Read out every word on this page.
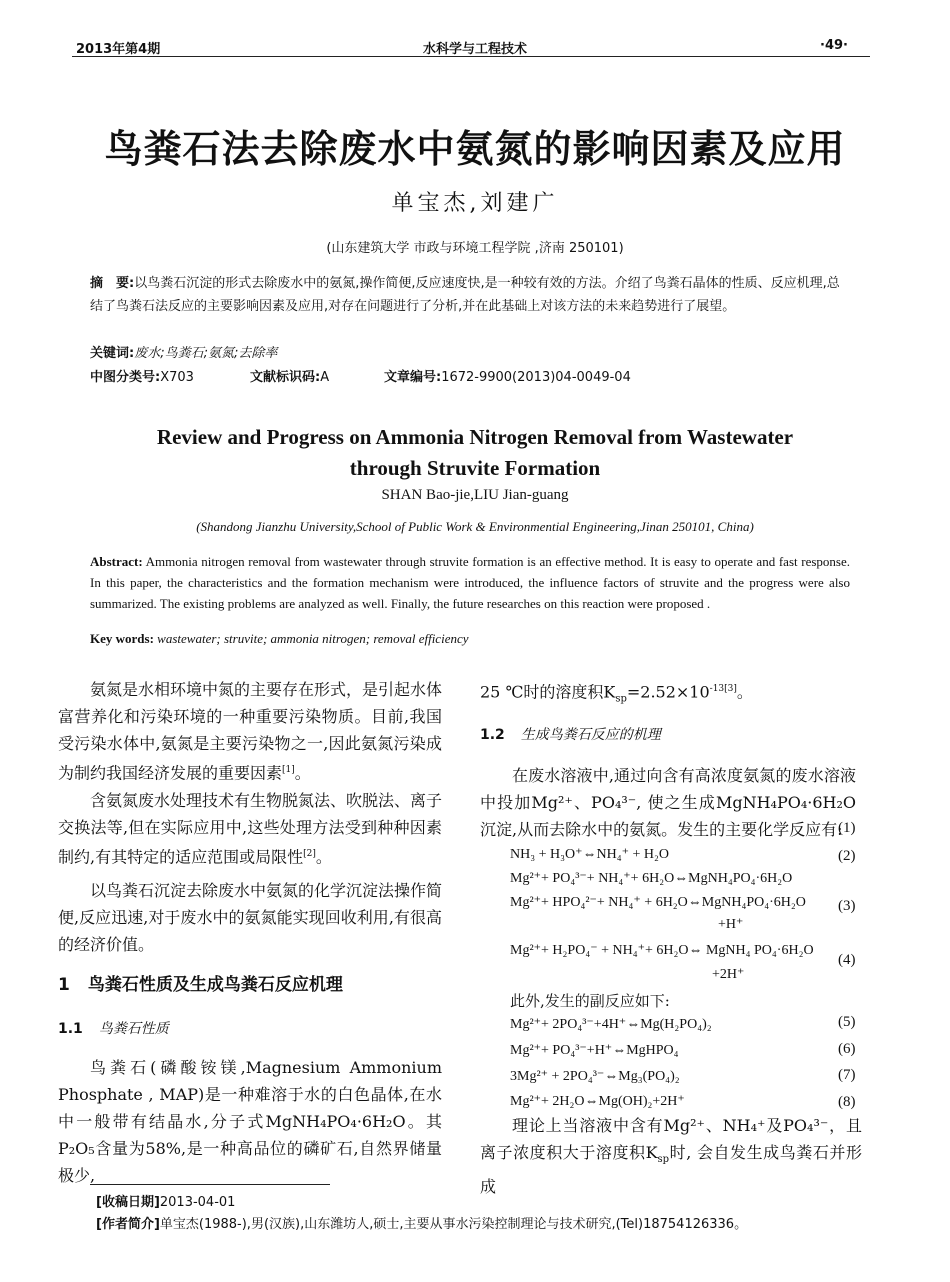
2013年第4期	水科学与工程技术	·49·
鸟粪石法去除废水中氨氮的影响因素及应用
单宝杰,刘建广
(山东建筑大学 市政与环境工程学院 ,济南 250101)
摘　要:以鸟粪石沉淀的形式去除废水中的氨氮,操作简便,反应速度快,是一种较有效的方法。介绍了鸟粪石晶体的性质、反应机理,总结了鸟粪石法反应的主要影响因素及应用,对存在问题进行了分析,并在此基础上对该方法的未来趋势进行了展望。
关键词:废水;鸟粪石;氨氮;去除率
中图分类号:X703	文献标识码:A	文章编号:1672-9900(2013)04-0049-04
Review and Progress on Ammonia Nitrogen Removal from Wastewater through Struvite Formation
SHAN Bao-jie,LIU Jian-guang
(Shandong Jianzhu University,School of Public Work & Environmential Engineering,Jinan 250101, China)
Abstract: Ammonia nitrogen removal from wastewater through struvite formation is an effective method. It is easy to operate and fast response. In this paper, the characteristics and the formation mechanism were introduced, the influence factors of struvite and the progress were also summarized. The existing problems are analyzed as well. Finally, the future researches on this reaction were proposed .
Key words: wastewater; struvite; ammonia nitrogen; removal efficiency

氨氮是水相环境中氮的主要存在形式，是引起水体富营养化和污染环境的一种重要污染物质。目前,我国受污染水体中,氨氮是主要污染物之一,因此氨氮污染成为制约我国经济发展的重要因素[1]。

含氨氮废水处理技术有生物脱氮法、吹脱法、离子交换法等,但在实际应用中,这些处理方法受到种种因素制约,有其特定的适应范围或局限性[2]。

以鸟粪石沉淀去除废水中氨氮的化学沉淀法操作简便,反应迅速,对于废水中的氨氮能实现回收利用,有很高的经济价值。

1 鸟粪石性质及生成鸟粪石反应机理
1.1 鸟粪石性质

鸟粪石(磷酸铵镁,Magnesium Ammonium Phosphate , MAP)是一种难溶于水的白色晶体,在水中一般带有结晶水,分子式MgNH₄PO₄·6H₂O。其P₂O₅含量为58%,是一种高品位的磷矿石,自然界储量极少,

25 ℃时的溶度积$K_{sp}=2.52\times 10^{-13[3]}$。
1.2 生成鸟粪石反应的机理

在废水溶液中,通过向含有高浓度氨氮的废水溶液中投加Mg²⁺、PO₄³⁻, 使之生成MgNH₄PO₄·6H₂O沉淀,从而去除水中的氨氮。发生的主要化学反应有:

(1)
NH₃ + H₃O⁺⇔NH₄⁺ + H₂O	(2)
Mg²⁺+ PO₄³⁻+ NH₄⁺+ 6H₂O⇔MgNH₄PO₄·6H₂O
Mg²⁺+ HPO₄²⁻+ NH₄⁺ + 6H₂O⇔MgNH₄PO₄·6H₂O (3)
+H⁺
Mg²⁺+ H₂PO₄⁻ + NH₄⁺+ 6H₂O⇔ MgNH₄ PO₄·6H₂O
(4)
+2H⁺
此外,发生的副反应如下:
Mg²⁺+ 2PO₄³⁻+4H⁺⇔Mg(H₂PO₄)₂	(5)
Mg²⁺+ PO₄³⁻+H⁺⇔MgHPO₄	(6)
3Mg²⁺ + 2PO₄³⁻⇔Mg₃(PO₄)₂	(7)
Mg²⁺+ 2H₂O⇔Mg(OH)₂+2H⁺	(8)

理论上当溶液中含有Mg²⁺、NH₄⁺及PO₄³⁻，且离子浓度积大于溶度积$K_{sp}$时, 会自发生成鸟粪石并形成

[收稿日期]2013-04-01
[作者简介]单宝杰(1988-),男(汉族),山东潍坊人,硕士,主要从事水污染控制理论与技术研究,(Tel)18754126336。
